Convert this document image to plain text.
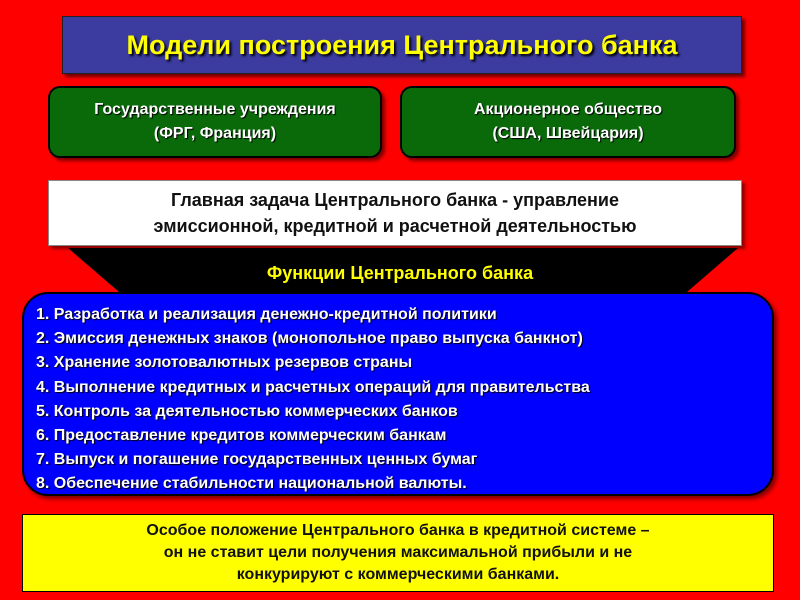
Модели построения Центрального банка
Государственные учреждения
(ФРГ, Франция)
Акционерное общество
(США, Швейцария)
Главная задача Центрального банка - управление
эмиссионной, кредитной и расчетной деятельностью
Функции Центрального банка
1. Разработка и реализация денежно-кредитной политики
2. Эмиссия денежных знаков (монопольное право выпуска банкнот)
3. Хранение золотовалютных резервов страны
4. Выполнение кредитных и расчетных операций для правительства
5. Контроль за деятельностью коммерческих банков
6. Предоставление кредитов коммерческим банкам
7. Выпуск и погашение государственных ценных бумаг
8. Обеспечение стабильности национальной валюты.
Особое положение Центрального банка в кредитной системе –
он не ставит цели получения максимальной прибыли и не
конкурируют с коммерческими банками.
